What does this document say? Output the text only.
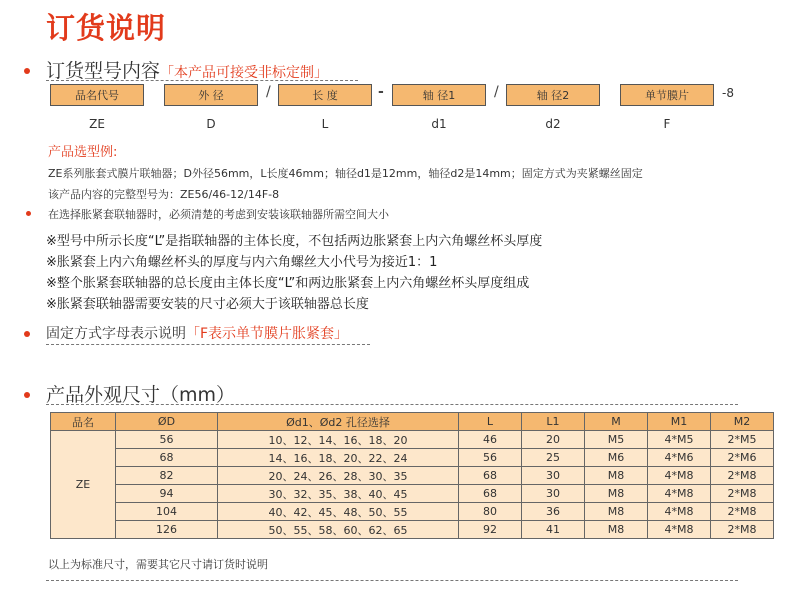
订货说明
订货型号内容「本产品可接受非标定制」
品名代号	外 径	/	长 度	-	轴 径1	/	轴 径2	单节膜片	-8
ZE	D	L	d1	d2	F
产品选型例:
ZE系列胀套式膜片联轴器；D外径56mm，L长度46mm；轴径d1是12mm，轴径d2是14mm；固定方式为夹紧螺丝固定
该产品内容的完整型号为：ZE56/46-12/14F-8
在选择胀紧套联轴器时，必须清楚的考虑到安装该联轴器所需空间大小
※型号中所示长度“L”是指联轴器的主体长度，不包括两边胀紧套上内六角螺丝杯头厚度
※胀紧套上内六角螺丝杯头的厚度与内六角螺丝大小代号为接近1：1
※整个胀紧套联轴器的总长度由主体长度“L”和两边胀紧套上内六角螺丝杯头厚度组成
※胀紧套联轴器需要安装的尺寸必须大于该联轴器总长度
固定方式字母表示说明「F表示单节膜片胀紧套」
产品外观尺寸（mm）
品名	ØD	Ød1、Ød2 孔径选择	L	L1	M	M1	M2
ZE	56	10、12、14、16、18、20	46	20	M5	4*M5	2*M5
	68	14、16、18、20、22、24	56	25	M6	4*M6	2*M6
	82	20、24、26、28、30、35	68	30	M8	4*M8	2*M8
	94	30、32、35、38、40、45	68	30	M8	4*M8	2*M8
	104	40、42、45、48、50、55	80	36	M8	4*M8	2*M8
	126	50、55、58、60、62、65	92	41	M8	4*M8	2*M8
以上为标准尺寸，需要其它尺寸请订货时说明
